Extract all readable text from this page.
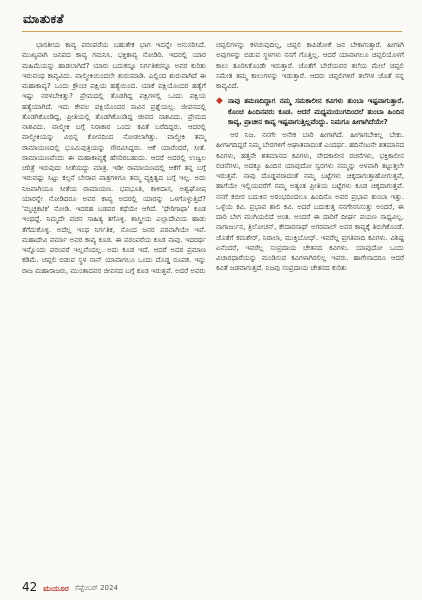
ಮಾತುಕತೆ

ಭಾರತೀಯ ಕಾವ್ಯ ಪರಂಪರೆಯ ಬಹುತೇಕ ಭಾಗ ಇದನ್ನೇ ಅನುಸರಿಸಿದೆ. ಮುಖ್ಯವಾಗಿ ಜನಪದ ಕಾವ್ಯ ಗಮನಿಸಿ. ಭಕ್ತಿಕಾವ್ಯ ನೋಡಿರಿ. ಇದರಲ್ಲಿ ಯಾರ ಮಹಿಮೆಯನ್ನು ಹಾಡಲಾಗಿದೆ? ಯಾರು ಬದುಕನ್ನೂ ನಿರ್ಗತಿಕರನ್ನೂ ಅವರ ಕುರಿತು ಇರುವಂಥ ಕಾವ್ಯವಿದು. ವಾಲ್ಮೀಕಿಯಿಂದಲೇ ಶುರುಮಾಡಿ. ಎಲ್ಲಿಂದ ಶುರುವಾಗಿದೆ ಈ ಮಹಾಕಾವ್ಯ? ಒಂದು ಕ್ರೌಂಚ ಪಕ್ಷಿಯ ಹತ್ಯೆಯಿಂದ. ಯಾಕೆ ಪಕ್ಷಿಯೊಂದರ ಹತ್ಯೆಗೆ ಇಷ್ಟು ನರಳಬೇಕಿತ್ತು? ಪ್ರೇಮದಲ್ಲಿ ತೊಡಗಿದ್ದ ಪಕ್ಷಿಗಳಲ್ಲಿ ಒಂದು ಪಕ್ಷಿಯ ಹತ್ಯೆಯಾಗಿದೆ. ಇದು ಕೇವಲ ಪಕ್ಷಿಯೊಂದರ ಸಾವಿನ ಪ್ರಶ್ನೆಯಲ್ಲ. ಜೀವನದಲ್ಲಿ ತೊಡಗಿಕೊಂಡಿದ್ದ, ಪ್ರೀತಿಯಲ್ಲಿ ತೊಡಗಿಕೊಂಡಿದ್ದ ಜೀವದ ನಾಶವಿದು. ಪ್ರೇಮದ ನಾಶವಿದು. ವಾಲ್ಮೀಕಿ ಬಗ್ಗೆ ನಿರಾಕಾರ ಒಂದು ಕವಿತೆ ಬರೆದಿದ್ದರು. ಆದರಲ್ಲಿ ವಾಲ್ಮೀಕಿಯನ್ನು ವಿಭಿನ್ನ ಕೋನದಿಂದ ನೋಡಲಾಗಿತ್ತು. ವಾಲ್ಮೀಕಿ ತಮ್ಮ ರಾಮಾಯಣದಲ್ಲಿ ಭೂಮಿಪುತ್ರಿಯನ್ನು ಗೌರವಿಸಿದ್ದರು. ಆಕೆ ಯಾರೆಂದರೆ, ಸೀತೆ. ರಾಮಾಯಣವೆಂದು ಈ ಮಹಾಕಾವ್ಯಕ್ಕೆ ಹೆಸರಿರಬಹುದು. ಆದರೆ ಅದರಲ್ಲಿ ಉಜ್ವಲ ಚರಿತ್ರೆ ಇರುವುದು ಸೀತೆಯದ್ದು ಮಾತ್ರ. ಇಡೀ ರಾಮಾಯಣದಲ್ಲಿ ಆಕೆಗೆ ತನ್ನ ಬಗ್ಗೆ ಇರುವಷ್ಟು ಸಿಟ್ಟು ಕಲ್ಪನೆ ಬೇರಾವ ಪಾತ್ರಗಳಿಗೂ ತಮ್ಮ ವ್ಯಕ್ತಿತ್ವದ ಬಗ್ಗೆ ಇಲ್ಲ. ಅದು ನಿಜವಾಗಿಯೂ ಸೀತೆಯ ರಾಮಾಯಣ. ಭವಭೂತಿ, ಕಾಳಿದಾಸ, ಅಶ್ವಘೋಷ ಯಾರನ್ನೇ ನೋಡಿದರೂ ಅವರ ಕಾವ್ಯ ಅದರಲ್ಲಿ ಯಾರನ್ನು ಒಳಗೊಳ್ಳುತ್ತಿದೆ? 'ಮೃಚ್ಛಕಟಿಕ' ನೋಡಿ. ಇದರಹ ಬಡವರ ಕಥೆಯೇ ಆಗಿದೆ. 'ಥೇರಿಗಾಥಾ' ಕೂಡ ಇಂಥದ್ದೆ. ನಿಮ್ಮದೇ ವಚನ ಸಾಹಿತ್ಯ ತಗೊಳ್ಳಿ. ಶಾಸ್ತ್ರೀಯ ಎಲ್ಲಾದೇವಿಯ ಹಾಡು ತೆಗೆದುಕೊಳ್ಳಿ. ಅದೆಲ್ಲ ಇಂಥ ನಿರ್ಗತಿಕ, ನೊಂದ ಜನರ ಪರವಾಗಿಯೇ ಇವೆ. ಮಹಾದೇವಿ ವರ್ಮಾ ಅವರ ಕಾವ್ಯ ಕೂಡ. ಈ ಪರಂಪರೆಯ ಕೂಡ ನಾವು. ಇದರರ್ಥ ಇನ್ನೊಂದು ಪರಂಪರೆ ಇಲ್ಲವೆಂದಲ್ಲ. ಅದು ಕೂಡ ಇದೆ. ಆದರೆ ಅದರ ಪ್ರಮಾಣ ಕಡಿಮೆ. ಚಪ್ಪಲಿ ಬಿಡುವ ಸ್ಥಳ ನಾನ್ ಯಾವಾಗಲೂ ಒಂದು ದೊಡ್ಡ ರೂಪಕ. ಇನ್ನು ರಾಜ ಮಹಾರಾಜರು, ಮುಂತಾದವರ ಜೀವನದ ಬಗ್ಗೆ ಕೂಡ ಇರುತ್ತವೆ. ಅದರೆ ಅವರು

ಚಪ್ಪಲಿಗಳನ್ನು ಕಳಚುವುದಿಲ್ಲ, ಚಪ್ಪಲಿ ಕಾಪಿಡೋಕೆ ಜನ ಬೇಕಾಗುತ್ತಾರೆ. ಹೀಗಾಗಿ ಅವುಗಳನ್ನು ಬಿಡುವ ಸ್ಥಳಗಳು ನನಗೆ ಗೊತ್ತಿಲ್ಲ. ಆದರೆ ಯಾವಾಗಲೂ ಚಪ್ಪಲಿಯೊಳಗೆ ಕಾಲು ತೂರಿಸಿಕೊಂಡೇ ಇರುತ್ತಾರೆ. ಜೊತೆಗೆ ಬೇರೆಯವರ ತಲೆಯ ಮೇಲೆ ಚಪ್ಪಲಿ ಸಮೇತ ತಮ್ಮ ಕಾಲುಗಳನ್ನು ಇಡುತ್ತಾರೆ. ಆದರು ಚಪ್ಪಲಿಗಳಿಗೆ ತಲೆಗಳ ಜೊತೆ ನನ್ನ ಕಾವ್ಯವಿದೆ.

◆ ನಾವು ತಮಣದಿದ್ದಾಗ ನಮ್ಮ ಸಮಕಾಲೀನ ಕವಿಗಳು ತುಂಬಾ ಇಷ್ಟವಾಗುತ್ತಾರೆ. ಕೊಂಚ ಹಿಂದಿನವರು ಕೂಡ. ಆದರೆ ಮಧ್ಯಮಯುಗದಿಂದಲೆ ತುಂಬಾ ಹಿಂದಿನ ಕಾವ್ಯ, ಪ್ರಾಚೀನ ಕಾವ್ಯ ಇಷ್ಟವಾಗುತ್ತಿಲ್ಲವೆಂದ್ದು. ನಿಮಗೂ ಹೀಗಾಗಿದೆಯೇ?

ಆರ ನಿಜ. ನನಗೇ ಅನೇಕ ಬಾರಿ ಹೀಗಾಗಿದೆ. ಹೀಗಾಗಬೇಕಿಲ್ಲ ಬೇಕು. ಹೀಗಾಗದಿದ್ದರೆ ನಿಮ್ಮ ಬೇರಗಳಿಗೆ ಆಘಾತವಾದಂತೆ ಎಂದರ್ಥ. ಹದಿನೆಂಟನೇ ಶತಮಾನದ ಕವಿಗಳು, ಹತ್ತನೇ ಶತಮಾನದ ಕವಿಗಳು, ವೇದಕಾಲೀನ ರಚನೆಗಳು, ಭಕ್ತಿಕಾಲೀನ ರಚನೆಗಳು, ಅದಕ್ಕೂ ಹಿಂದಿನ ಯಾವುದೋ ಸ್ವರಗಳು ನಮ್ಮನ್ನು ಆಳವಾಗಿ ತಟ್ಟುತ್ತಲೇ ಇರುತ್ತವೆ. ನಾವು ದೊಡ್ಡವರಾದಂತೆ ನಮ್ಮ ಬಟ್ಟೆಗಳು ಚಿಕ್ಕದಾಗುತ್ತಾಹೋಗುತ್ತವೆ, ಹಾಗೆಯೇ ಇಲ್ಲಿಯವರೆಗೆ ನಮ್ಮ ಅತ್ಯಂತ ಪ್ರೀತಿಯ ಬಟ್ಟೆಗಳು ಕೂಡ ಚಿಕ್ಕದಾಗುತ್ತವೆ. ನನಗೆ ಕಬೀರ ಬದುಕಿನ ಅರಂಭದಿಂದಲೂ ಹಿಂದಿನೊ ಅವರ ಪ್ರಭಾವ ತುಂಬಾ ಇತ್ತು. ಒಳ್ಳೆಯ ಕವಿ. ಪ್ರಭಾವ ಶಾಲಿ ಕವಿ. ಅದರೆ ಬದುಕುತ್ತ ನನಗೇನನಿಸುತ್ತು ಅಂದರೆ, ಈ ದಾರಿ ಬೇಗ ಮುಗಿಯಲಿದೆ ಅಂತ. ಅಂದರೆ ಈ ದಾರಿಗೆ ದೀರ್ಘ ಪಯಣ ಸಾಧ್ಯವಿಲ್ಲ. ನಾಗಾರ್ಜುನ, ತ್ರಿಲೋಚನ್, ಕೇದಾರನಾಥ್ ಅಗರವಾಲ್ ಅವರ ಕಾವ್ಯಕ್ಕೆ ತಿರುಗಿಕೊಂಡೆ. ಜೊತೆಗೆ ಕಮಶೇರ್, ನಿರಾಲಾ, ಮುಕ್ತಿಬೋಧ್. ಇವರೆಲ್ಲ ಪ್ರಗತಿವಾದಿ ಕವಿಗಳು. ವಿಶಿಷ್ಟ ಏನೆಂದರೆ, ಇವರೆಲ್ಲ ಸಂಪ್ರದಾಯ ಚೇತನದ ಕವಿಗಳು. ಯಾವುದೋ ಒಂದು ವಿಚಾರಧಾರೆಯನ್ನು ಮಂಡಿಸುವ ಕವಿಗಳಾಗಿರಲಿಲ್ಲ ಇವರು. ಹಾಗೇನಾದರೂ ಆದರೆ ಕವಿತೆ ಜಡವಾಗುತ್ತದೆ. ನಿಜವು ಸಂಪ್ರದಾಯ ಚೇತನದ ಕುರಿತು

42 ಮಯೂರ ಸೆಪ್ಟೆಂಬರ್ 2024
